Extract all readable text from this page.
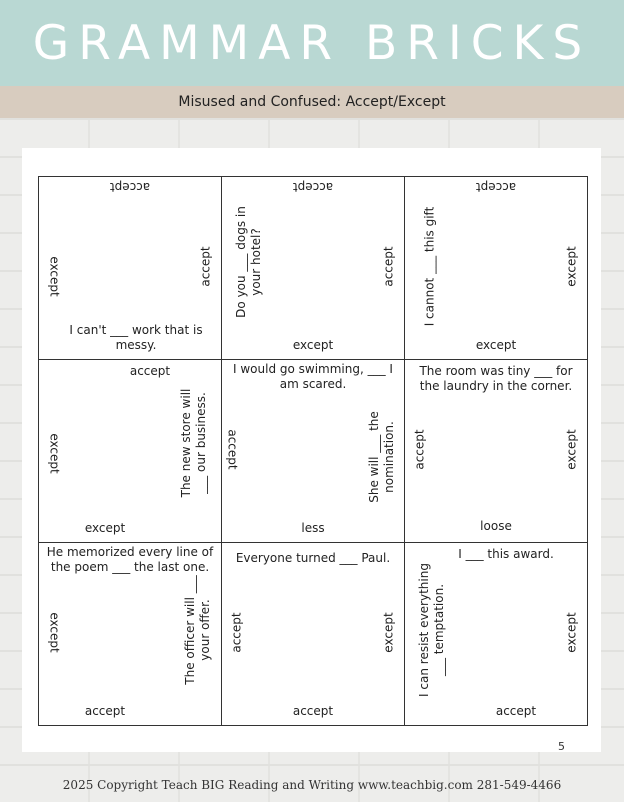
GRAMMAR BRICKS
Misused and Confused: Accept/Except
accept
except	accept
I can't ___ work that is messy.
accept
Do you ___ dogs in your hotel?	accept
except
accept
I cannot ___ this gift	except
except
accept
except	The new store will ___ our business.
except
I would go swimming, ___ I am scared.
accept	She will ___ the nomination.
less
The room was tiny ___ for the laundry in the corner.
accept	except
loose
He memorized every line of the poem ___ the last one.
except	The officer will ___ your offer.
accept
Everyone turned ___ Paul.
accept	except
accept
I ___ this award.
I can resist everything ___ temptation.	except
accept
5
2025 Copyright Teach BIG Reading and Writing www.teachbig.com 281-549-4466
